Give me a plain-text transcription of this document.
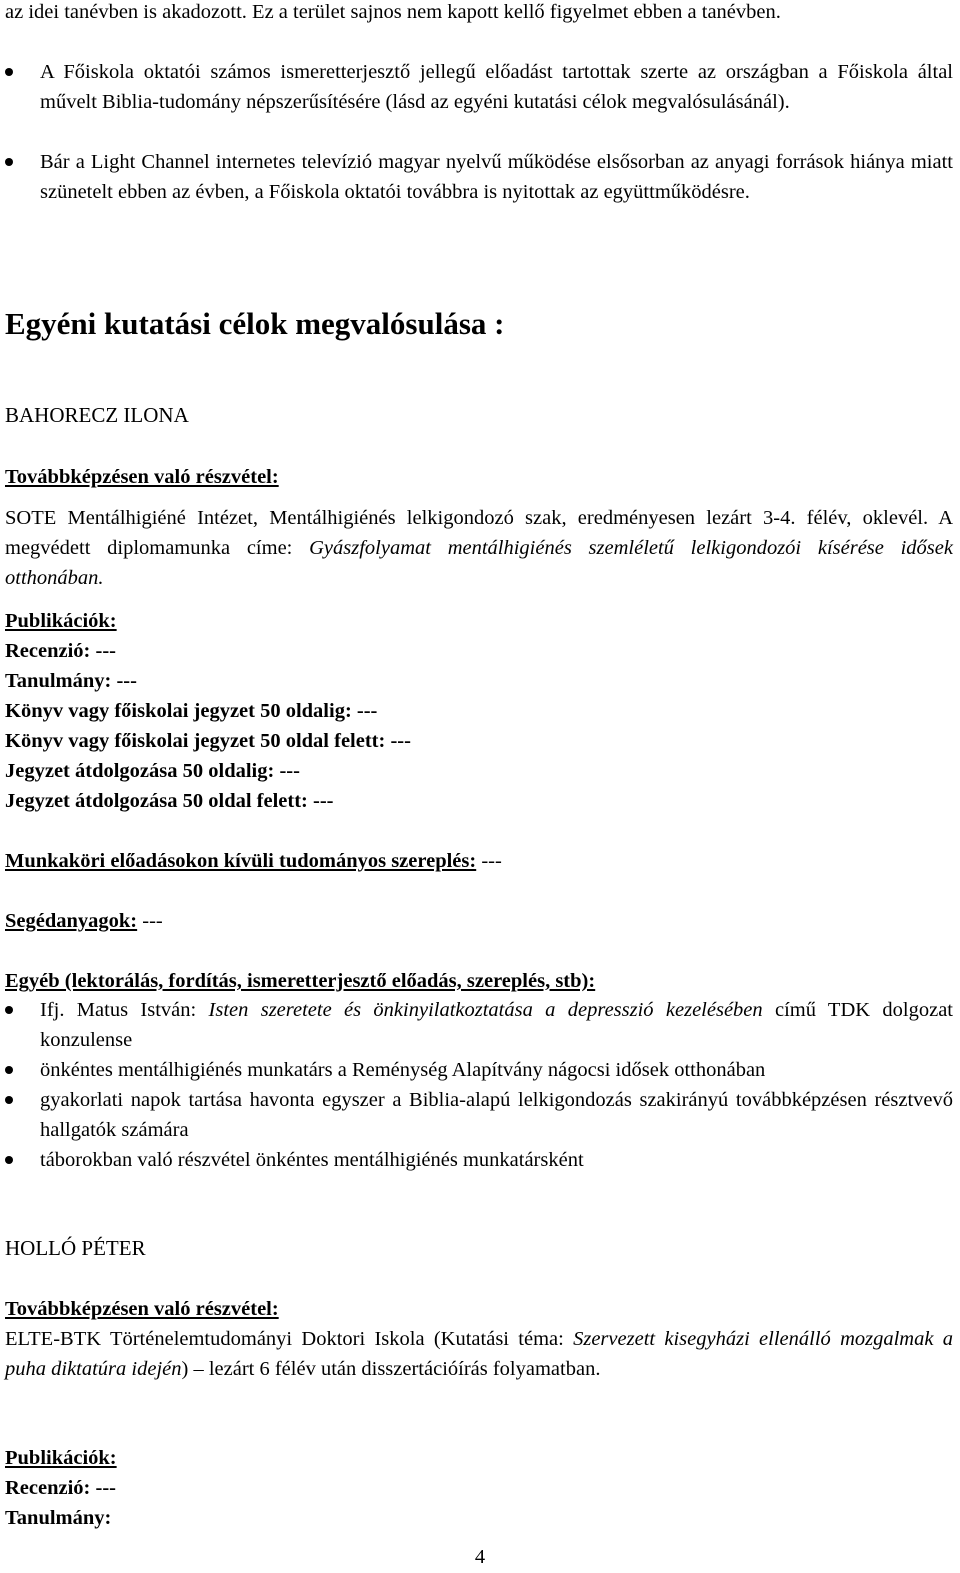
az idei tanévben is akadozott. Ez a terület sajnos nem kapott kellő figyelmet ebben a tanévben.
A Főiskola oktatói számos ismeretterjesztő jellegű előadást tartottak szerte az országban a Főiskola által művelt Biblia-tudomány népszerűsítésére (lásd az egyéni kutatási célok megvalósulásánál).
Bár a Light Channel internetes televízió magyar nyelvű működése elsősorban az anyagi források hiánya miatt szünetelt ebben az évben, a Főiskola oktatói továbbra is nyitottak az együttműködésre.
Egyéni kutatási célok megvalósulása :
BAHORECZ ILONA
Továbbképzésen való részvétel:
SOTE Mentálhigiéné Intézet, Mentálhigiénés lelkigondozó szak, eredményesen lezárt 3-4. félév, oklevél. A megvédett diplomamunka címe: Gyászfolyamat mentálhigiénés szemléletű lelkigondozói kísérése idősek otthonában.
Publikációk:
Recenzió: ---
Tanulmány: ---
Könyv vagy főiskolai jegyzet 50 oldalig: ---
Könyv vagy főiskolai jegyzet 50 oldal felett: ---
Jegyzet átdolgozása 50 oldalig: ---
Jegyzet átdolgozása 50 oldal felett: ---
Munkaköri előadásokon kívüli tudományos szereplés: ---
Segédanyagok: ---
Egyéb (lektorálás, fordítás, ismeretterjesztő előadás, szereplés, stb):
Ifj. Matus István: Isten szeretete és önkinyilatkoztatása a depresszió kezelésében című TDK dolgozat konzulense
önkéntes mentálhigiénés munkatárs a Reménység Alapítvány nágocsi idősek otthonában
gyakorlati napok tartása havonta egyszer a Biblia-alapú lelkigondozás szakirányú továbbképzésen résztvevő hallgatók számára
táborokban való részvétel önkéntes mentálhigiénés munkatársként
HOLLÓ PÉTER
Továbbképzésen való részvétel:
ELTE-BTK Történelemtudományi Doktori Iskola (Kutatási téma: Szervezett kisegyházi ellenálló mozgalmak a puha diktatúra idején) – lezárt 6 félév után disszertációírás folyamatban.
Publikációk:
Recenzió: ---
Tanulmány:
4
